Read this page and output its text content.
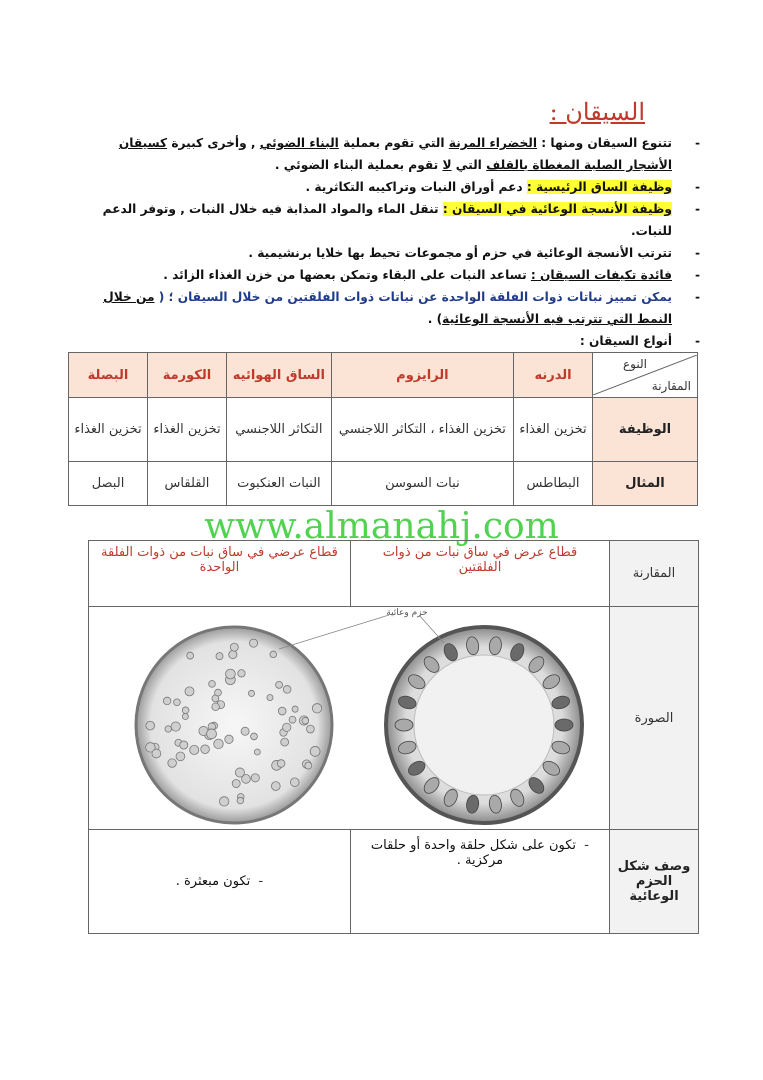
السيقان :
تتنوع السيقان ومنها : الخضراء المرنة التي تقوم بعملية البناء الضوئي , وأخرى كبيرة كسيقان الأشجار الصلبة المغطاة بالقلف التي لا تقوم بعملية البناء الضوئي . -
وظيفة الساق الرئيسية : دعم أوراق النبات وتراكيبه التكاثرية . -
وظيفة الأنسجة الوعائية في السيقان : تنقل الماء والمواد المذابة فيه خلال النبات , وتوفر الدعم للنبات. -
تترتب الأنسجة الوعائية في حزم أو مجموعات تحيط بها خلايا برنشيمية . -
فائدة تكيفات السيقان : تساعد النبات على البقاء وتمكن بعضها من خزن الغذاء الزائد . -
يمكن تمييز نباتات ذوات الفلقة الواحدة عن نباتات ذوات الفلقتين من خلال السيقان ؛ ( من خلال النمط التي تترتب فيه الأنسجة الوعائية) . -
أنواع السيقان : -
النوع
المقارنة	الدرنه	الرايزوم	الساق الهوائيه	الكورمة	البصلة
الوظيفة	تخزين الغذاء	تخزين الغذاء ، التكاثر اللاجنسي	التكاثر اللاجنسي	تخزين الغذاء	تخزين الغذاء
المثال	البطاطس	نبات السوسن	النبات العنكبوت	القلقاس	البصل
www.almanahj.com
المقارنة	قطاع عرض في ساق نبات من ذوات الفلقتين	قطاع عرضي في ساق نبات من ذوات الفلقة الواحدة
الصورة	حزم وعائية	

وصف شكل الحزم الوعائية	-  تكون على شكل حلقة واحدة أو حلقات مركزية .	-  تكون مبعثرة .
